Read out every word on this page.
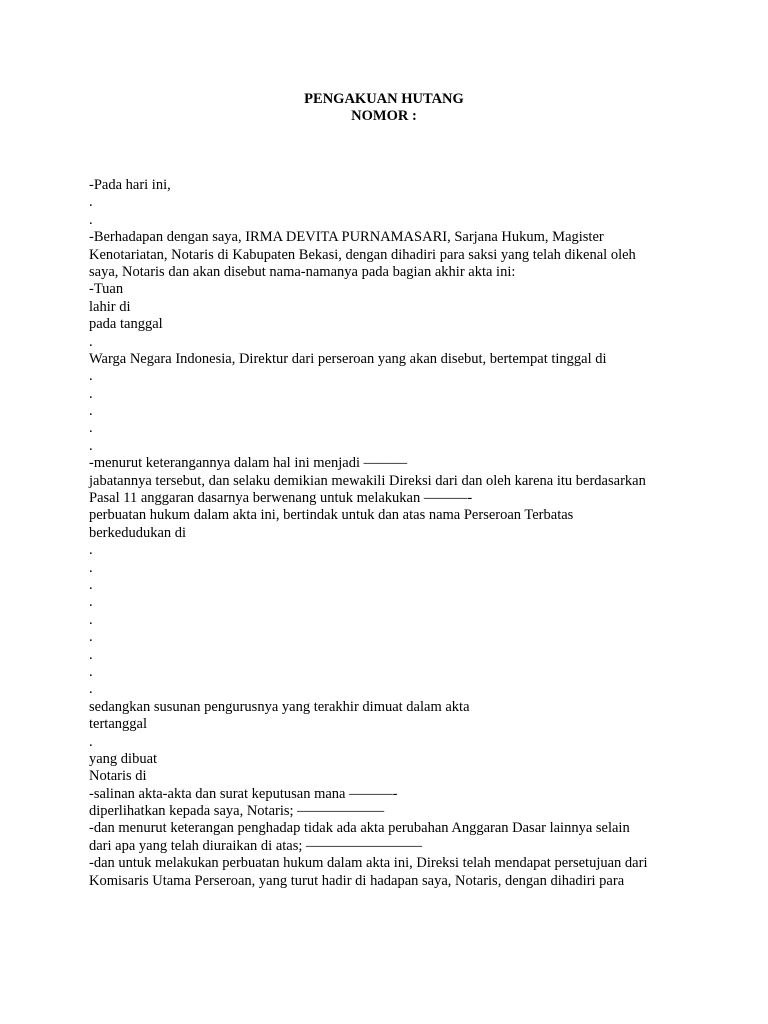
PENGAKUAN HUTANG
NOMOR :
-Pada hari ini,
.
.
-Berhadapan dengan saya, IRMA DEVITA PURNAMASARI, Sarjana Hukum, Magister
Kenotariatan, Notaris di Kabupaten Bekasi, dengan dihadiri para saksi yang telah dikenal oleh
saya, Notaris dan akan disebut nama-namanya pada bagian akhir akta ini:
-Tuan
lahir di
pada tanggal
.
Warga Negara Indonesia, Direktur dari perseroan yang akan disebut, bertempat tinggal di
.
.
.
.
.
-menurut keterangannya dalam hal ini menjadi ———
jabatannya tersebut, dan selaku demikian mewakili Direksi dari dan oleh karena itu berdasarkan
Pasal 11 anggaran dasarnya berwenang untuk melakukan ———-
perbuatan hukum dalam akta ini, bertindak untuk dan atas nama Perseroan Terbatas
berkedudukan di
.
.
.
.
.
.
.
.
.
sedangkan susunan pengurusnya yang terakhir dimuat dalam akta
tertanggal
.
yang dibuat
Notaris di
-salinan akta-akta dan surat keputusan mana ———-
diperlihatkan kepada saya, Notaris; ——————
-dan menurut keterangan penghadap tidak ada akta perubahan Anggaran Dasar lainnya selain
dari apa yang telah diuraikan di atas; ————————
-dan untuk melakukan perbuatan hukum dalam akta ini, Direksi telah mendapat persetujuan dari
Komisaris Utama Perseroan, yang turut hadir di hadapan saya, Notaris, dengan dihadiri para
